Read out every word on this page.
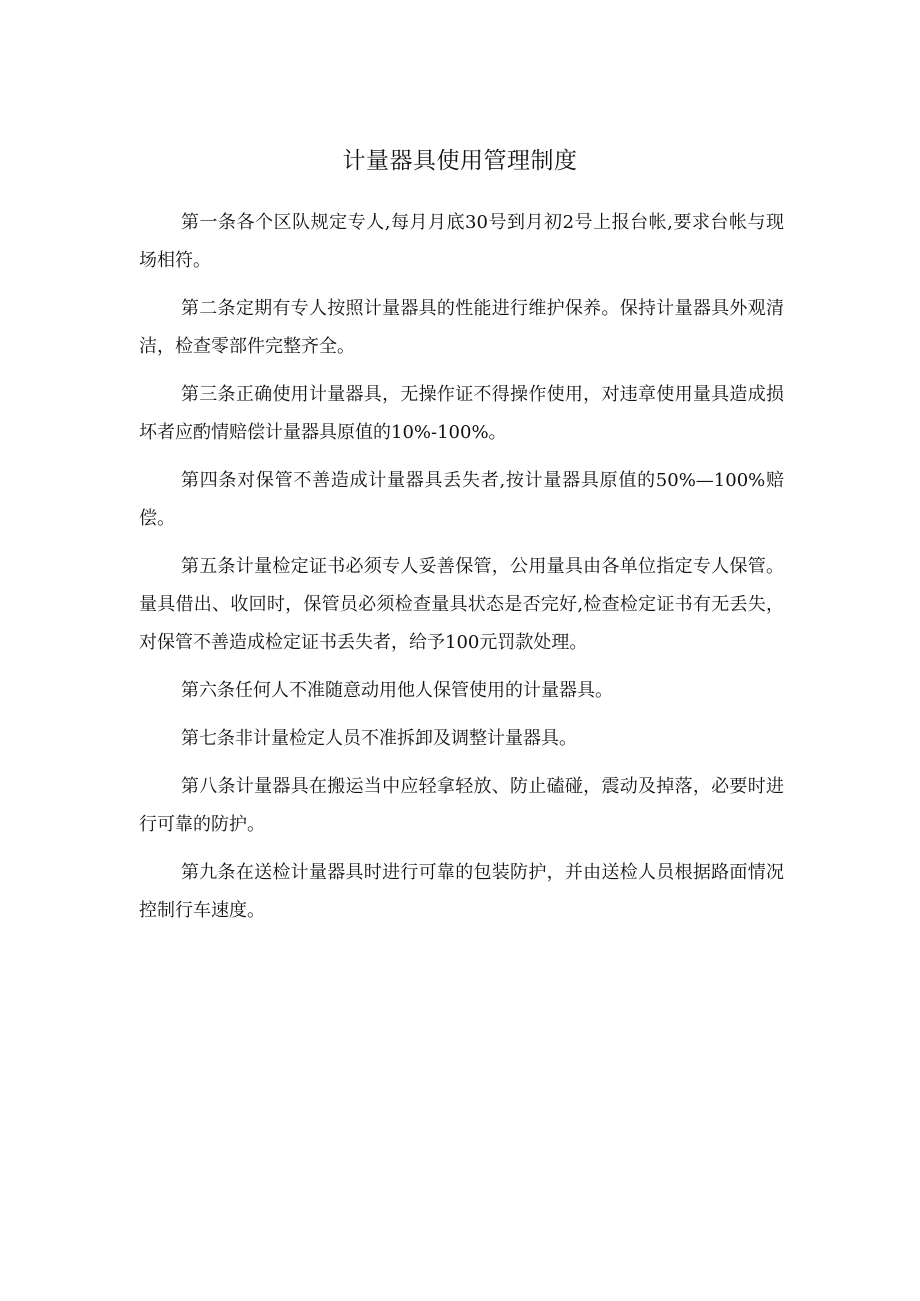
计量器具使用管理制度

第一条各个区队规定专人,每月月底30号到月初2号上报台帐,要求台帐与现场相符。

第二条定期有专人按照计量器具的性能进行维护保养。保持计量器具外观清洁，检查零部件完整齐全。

第三条正确使用计量器具，无操作证不得操作使用，对违章使用量具造成损坏者应酌情赔偿计量器具原值的10%-100%。

第四条对保管不善造成计量器具丢失者,按计量器具原值的50%—100%赔偿。

第五条计量检定证书必须专人妥善保管，公用量具由各单位指定专人保管。量具借出、收回时，保管员必须检查量具状态是否完好,检查检定证书有无丢失，对保管不善造成检定证书丢失者，给予100元罚款处理。

第六条任何人不准随意动用他人保管使用的计量器具。

第七条非计量检定人员不准拆卸及调整计量器具。

第八条计量器具在搬运当中应轻拿轻放、防止磕碰，震动及掉落，必要时进行可靠的防护。

第九条在送检计量器具时进行可靠的包装防护，并由送检人员根据路面情况控制行车速度。
